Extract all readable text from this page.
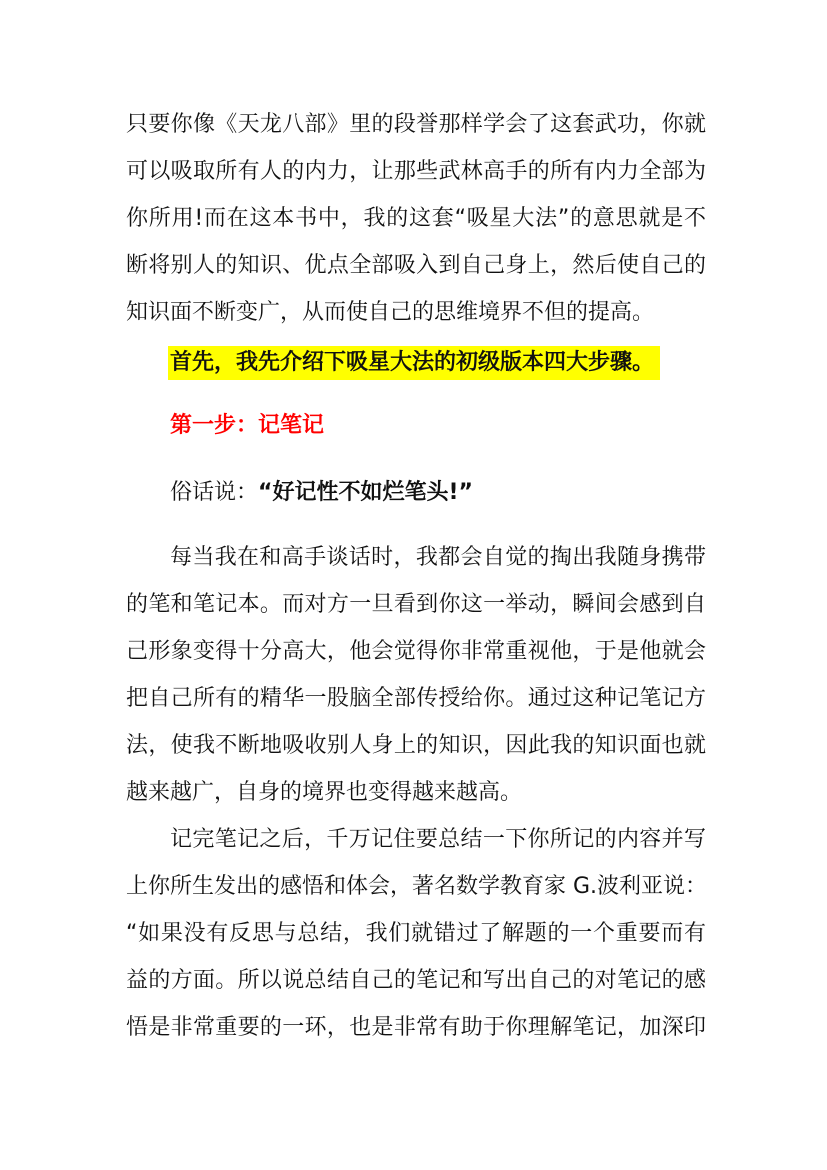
只要你像《天龙八部》里的段誉那样学会了这套武功，你就
可以吸取所有人的内力，让那些武林高手的所有内力全部为
你所用!而在这本书中，我的这套“吸星大法”的意思就是不
断将别人的知识、优点全部吸入到自己身上，然后使自己的
知识面不断变广，从而使自己的思维境界不但的提高。
首先，我先介绍下吸星大法的初级版本四大步骤。
第一步：记笔记
俗话说：“好记性不如烂笔头!”
每当我在和高手谈话时，我都会自觉的掏出我随身携带
的笔和笔记本。而对方一旦看到你这一举动，瞬间会感到自
己形象变得十分高大，他会觉得你非常重视他，于是他就会
把自己所有的精华一股脑全部传授给你。通过这种记笔记方
法，使我不断地吸收别人身上的知识，因此我的知识面也就
越来越广，自身的境界也变得越来越高。
记完笔记之后，千万记住要总结一下你所记的内容并写
上你所生发出的感悟和体会，著名数学教育家 G.波利亚说：
“如果没有反思与总结，我们就错过了解题的一个重要而有
益的方面。所以说总结自己的笔记和写出自己的对笔记的感
悟是非常重要的一环，也是非常有助于你理解笔记，加深印
